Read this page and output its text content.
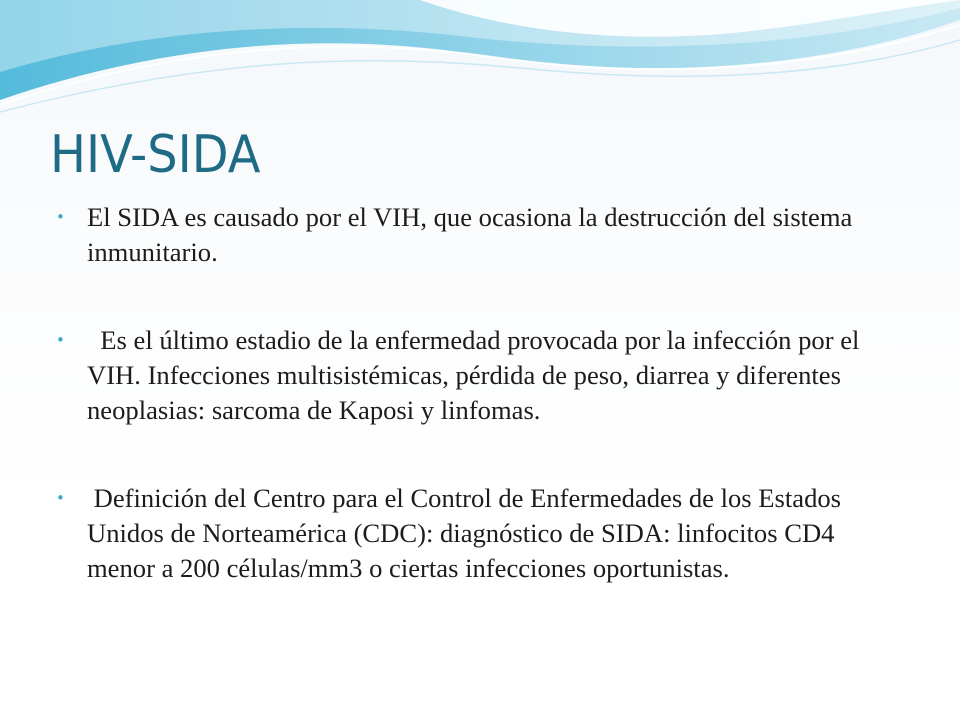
HIV-SIDA
• El SIDA es causado por el VIH, que ocasiona la destrucción del sistema inmunitario.
• Es el último estadio de la enfermedad provocada por la infección por el VIH. Infecciones multisistémicas, pérdida de peso, diarrea y diferentes neoplasias: sarcoma de Kaposi y linfomas.
• Definición del Centro para el Control de Enfermedades de los Estados Unidos de Norteamérica (CDC): diagnóstico de SIDA: linfocitos CD4 menor a 200 células/mm3 o ciertas infecciones oportunistas.
